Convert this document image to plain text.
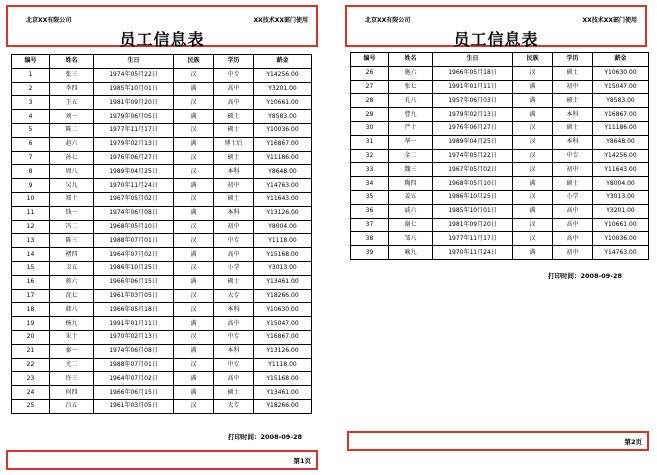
北京XX有限公司	XX技术XX部门使用
员工信息表
编号	姓名	生日	民族	学历	薪金
1	张三	1974年05月22日	汉	中专	Y14256.00
2	李四	1985年10月01日	满	高中	Y3201.00
3	王五	1981年09月20日	汉	高中	Y10661.00
4	刘一	1979年06月05日	满	硕士	Y8583.00
5	陈二	1977年11月17日	汉	硕士	Y10036.00
6	赵六	1979年02月13日	满	博士后	Y16867.00
7	孙七	1976年06月27日	汉	硕士	Y11186.00
8	周八	1989年04月25日	汉	本科	Y8648.00
9	吴九	1970年11月24日	满	初中	Y14763.00
10	郑十	1967年05月02日	汉	硕士	Y11643.00
11	钱一	1974年06月08日	满	本科	Y13126.00
12	冯二	1968年05月10日	汉	初中	Y8004.00
13	陈三	1988年07月01日	汉	中专	Y1118.00
14	褚四	1964年07月02日	满	高中	Y15168.00
15	卫五	1986年10月25日	汉	小学	Y3013.00
16	蒋六	1966年06月15日	满	硕士	Y13461.00
17	沈七	1961年03月05日	汉	大专	Y18266.00
18	韩八	1966年05月18日	汉	本科	Y10630.00
19	杨九	1991年01月11日	满	高中	Y15047.00
20	朱十	1970年02月13日	汉	中专	Y16867.00
21	秦一	1974年06月08日	满	本科	Y13126.00
22	尤二	1988年07月01日	汉	中专	Y1118.00
23	许三	1964年07月02日	满	高中	Y15168.00
24	何四	1966年06月15日	满	硕士	Y13461.00
25	吕五	1961年03月05日	汉	大专	Y18266.00
打印时间：2008-09-28
第1页
北京XX有限公司	XX技术XX部门使用
员工信息表
编号	姓名	生日	民族	学历	薪金
26	施六	1966年05月18日	汉	硕士	Y10630.00
27	张七	1991年01月11日	满	初中	Y15047.00
28	孔八	1957年06月03日	满	硕士	Y8583.00
29	曹九	1979年02月13日	满	本科	Y16867.00
30	严十	1976年06月27日	汉	硕士	Y11186.00
31	华一	1989年04月25日	汉	本科	Y8648.00
32	金二	1974年05月22日	汉	中专	Y14256.00
33	魏三	1967年05月02日	汉	初中	Y11643.00
34	陶四	1968年05月10日	满	硕士	Y8004.00
35	姜五	1986年10月25日	汉	小学	Y3013.00
36	戚六	1985年10月01日	满	高中	Y3201.00
37	谢七	1981年09月20日	汉	高中	Y10661.00
38	邹八	1977年11月17日	汉	高中	Y10036.00
39	喻九	1970年11月24日	满	初中	Y14763.00
打印时间：2008-09-28
第2页
